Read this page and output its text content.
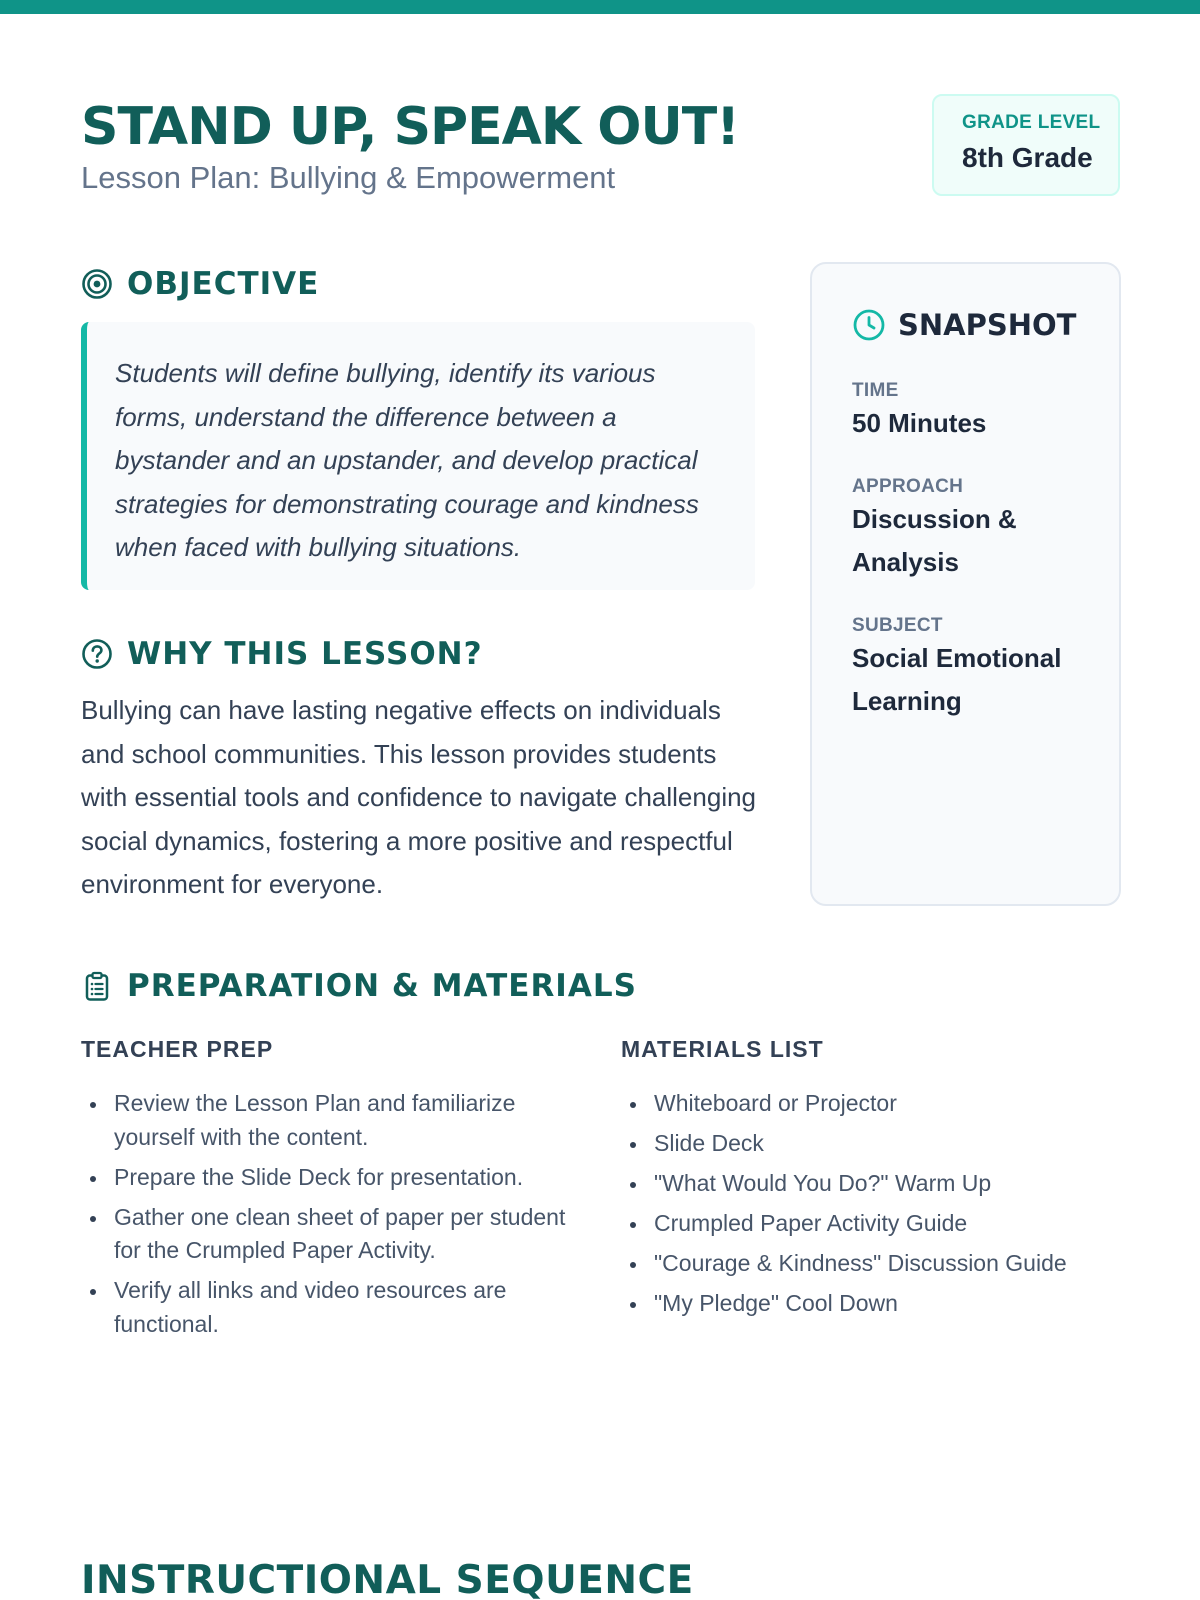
STAND UP, SPEAK OUT!
Lesson Plan: Bullying & Empowerment
GRADE LEVEL
8th Grade
OBJECTIVE

Students will define bullying, identify its various forms, understand the difference between a bystander and an upstander, and develop practical strategies for demonstrating courage and kindness when faced with bullying situations.

WHY THIS LESSON?

Bullying can have lasting negative effects on individuals and school communities. This lesson provides students with essential tools and confidence to navigate challenging social dynamics, fostering a more positive and respectful environment for everyone.

SNAPSHOT
TIME
50 Minutes
APPROACH
Discussion & Analysis
SUBJECT
Social Emotional Learning
PREPARATION & MATERIALS
TEACHER PREP
Review the Lesson Plan and familiarize yourself with the content.
Prepare the Slide Deck for presentation.
Gather one clean sheet of paper per student for the Crumpled Paper Activity.
Verify all links and video resources are functional.
MATERIALS LIST
Whiteboard or Projector
Slide Deck
"What Would You Do?" Warm Up
Crumpled Paper Activity Guide
"Courage & Kindness" Discussion Guide
"My Pledge" Cool Down
INSTRUCTIONAL SEQUENCE
